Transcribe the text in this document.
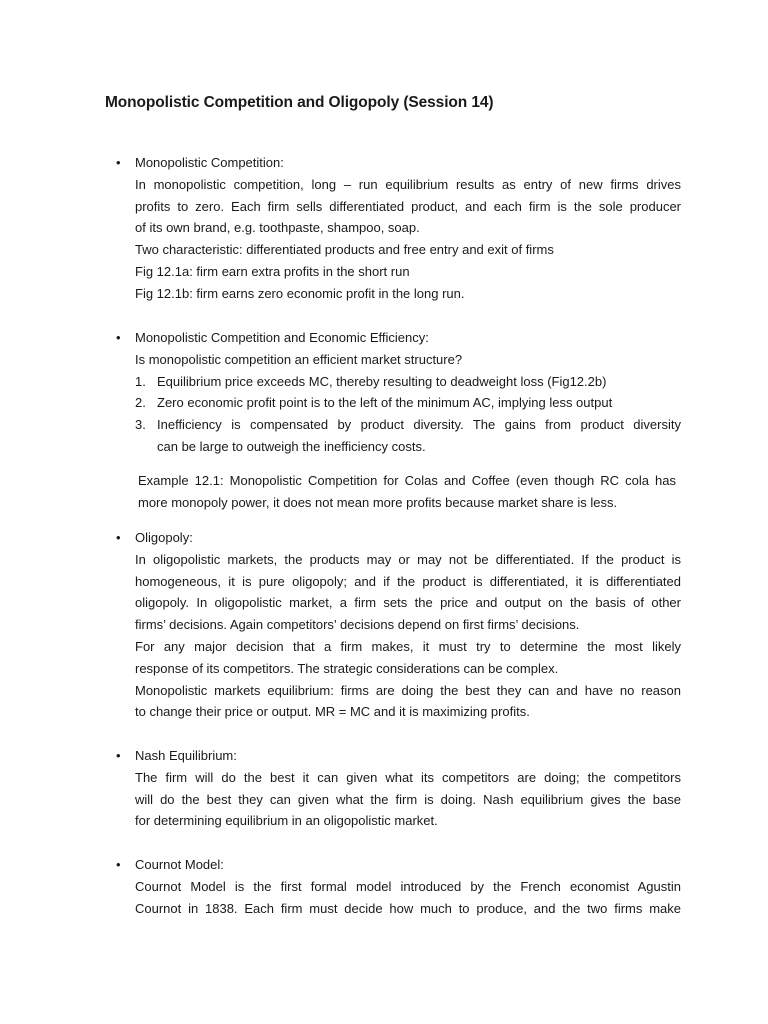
Monopolistic Competition and Oligopoly (Session 14)
• Monopolistic Competition:
In monopolistic competition, long – run equilibrium results as entry of new firms drives
profits to zero. Each firm sells differentiated product, and each firm is the sole producer
of its own brand, e.g. toothpaste, shampoo, soap.
Two characteristic: differentiated products and free entry and exit of firms
Fig 12.1a: firm earn extra profits in the short run
Fig 12.1b: firm earns zero economic profit in the long run.
• Monopolistic Competition and Economic Efficiency:
Is monopolistic competition an efficient market structure?
1. Equilibrium price exceeds MC, thereby resulting to deadweight loss (Fig12.2b)
2. Zero economic profit point is to the left of the minimum AC, implying less output
3. Inefficiency is compensated by product diversity. The gains from product diversity
can be large to outweigh the inefficiency costs.
Example 12.1: Monopolistic Competition for Colas and Coffee (even though RC cola has
more monopoly power, it does not mean more profits because market share is less.
• Oligopoly:
In oligopolistic markets, the products may or may not be differentiated. If the product is
homogeneous, it is pure oligopoly; and if the product is differentiated, it is differentiated
oligopoly. In oligopolistic market, a firm sets the price and output on the basis of other
firms’ decisions. Again competitors’ decisions depend on first firms’ decisions.
For any major decision that a firm makes, it must try to determine the most likely
response of its competitors. The strategic considerations can be complex.
Monopolistic markets equilibrium: firms are doing the best they can and have no reason
to change their price or output. MR = MC and it is maximizing profits.
• Nash Equilibrium:
The firm will do the best it can given what its competitors are doing; the competitors
will do the best they can given what the firm is doing. Nash equilibrium gives the base
for determining equilibrium in an oligopolistic market.
• Cournot Model:
Cournot Model is the first formal model introduced by the French economist Agustin
Cournot in 1838. Each firm must decide how much to produce, and the two firms make
